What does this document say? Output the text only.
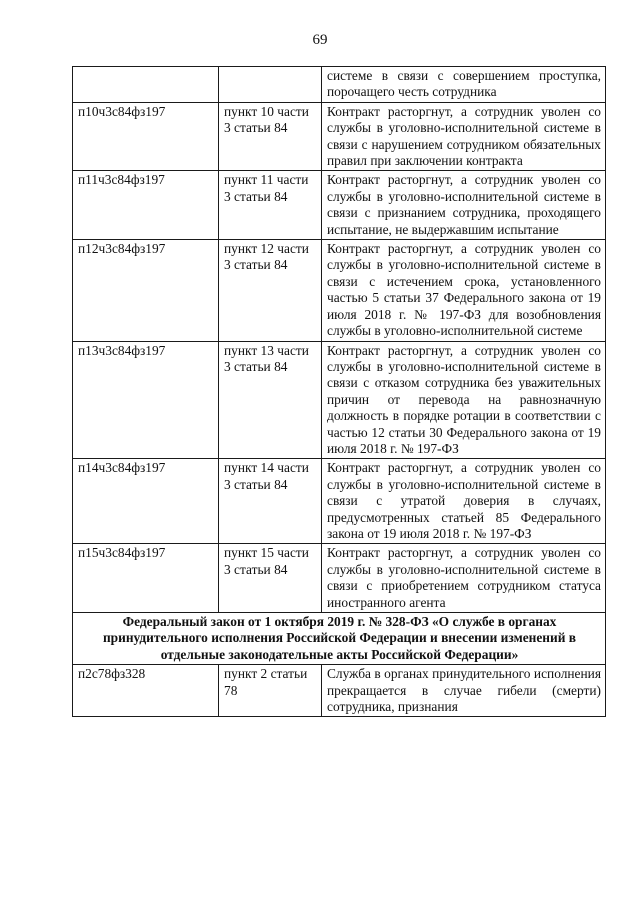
69
		системе в связи с совершением проступка, порочащего честь сотрудника
п10ч3с84фз197	пункт 10 части 3 статьи 84	Контракт расторгнут, а сотрудник уволен со службы в уголовно-исполнительной системе в связи с нарушением сотрудником обязательных правил при заключении контракта
п11ч3с84фз197	пункт 11 части 3 статьи 84	Контракт расторгнут, а сотрудник уволен со службы в уголовно-исполнительной системе в связи с признанием сотрудника, проходящего испытание, не выдержавшим испытание
п12ч3с84фз197	пункт 12 части 3 статьи 84	Контракт расторгнут, а сотрудник уволен со службы в уголовно-исполнительной системе в связи с истечением срока, установленного частью 5 статьи 37 Федерального закона от 19 июля 2018 г. № 197-ФЗ для возобновления службы в уголовно-исполнительной системе
п13ч3с84фз197	пункт 13 части 3 статьи 84	Контракт расторгнут, а сотрудник уволен со службы в уголовно-исполнительной системе в связи с отказом сотрудника без уважительных причин от перевода на равнозначную должность в порядке ротации в соответствии с частью 12 статьи 30 Федерального закона от 19 июля 2018 г. № 197-ФЗ
п14ч3с84фз197	пункт 14 части 3 статьи 84	Контракт расторгнут, а сотрудник уволен со службы в уголовно-исполнительной системе в связи с утратой доверия в случаях, предусмотренных статьей 85 Федерального закона от 19 июля 2018 г. № 197-ФЗ
п15ч3с84фз197	пункт 15 части 3 статьи 84	Контракт расторгнут, а сотрудник уволен со службы в уголовно-исполнительной системе в связи с приобретением сотрудником статуса иностранного агента
Федеральный закон от 1 октября 2019 г. № 328-ФЗ «О службе в органах принудительного исполнения Российской Федерации и внесении изменений в отдельные законодательные акты Российской Федерации»		
п2с78фз328	пункт 2 статьи 78	Служба в органах принудительного исполнения прекращается в случае гибели (смерти) сотрудника, признания
